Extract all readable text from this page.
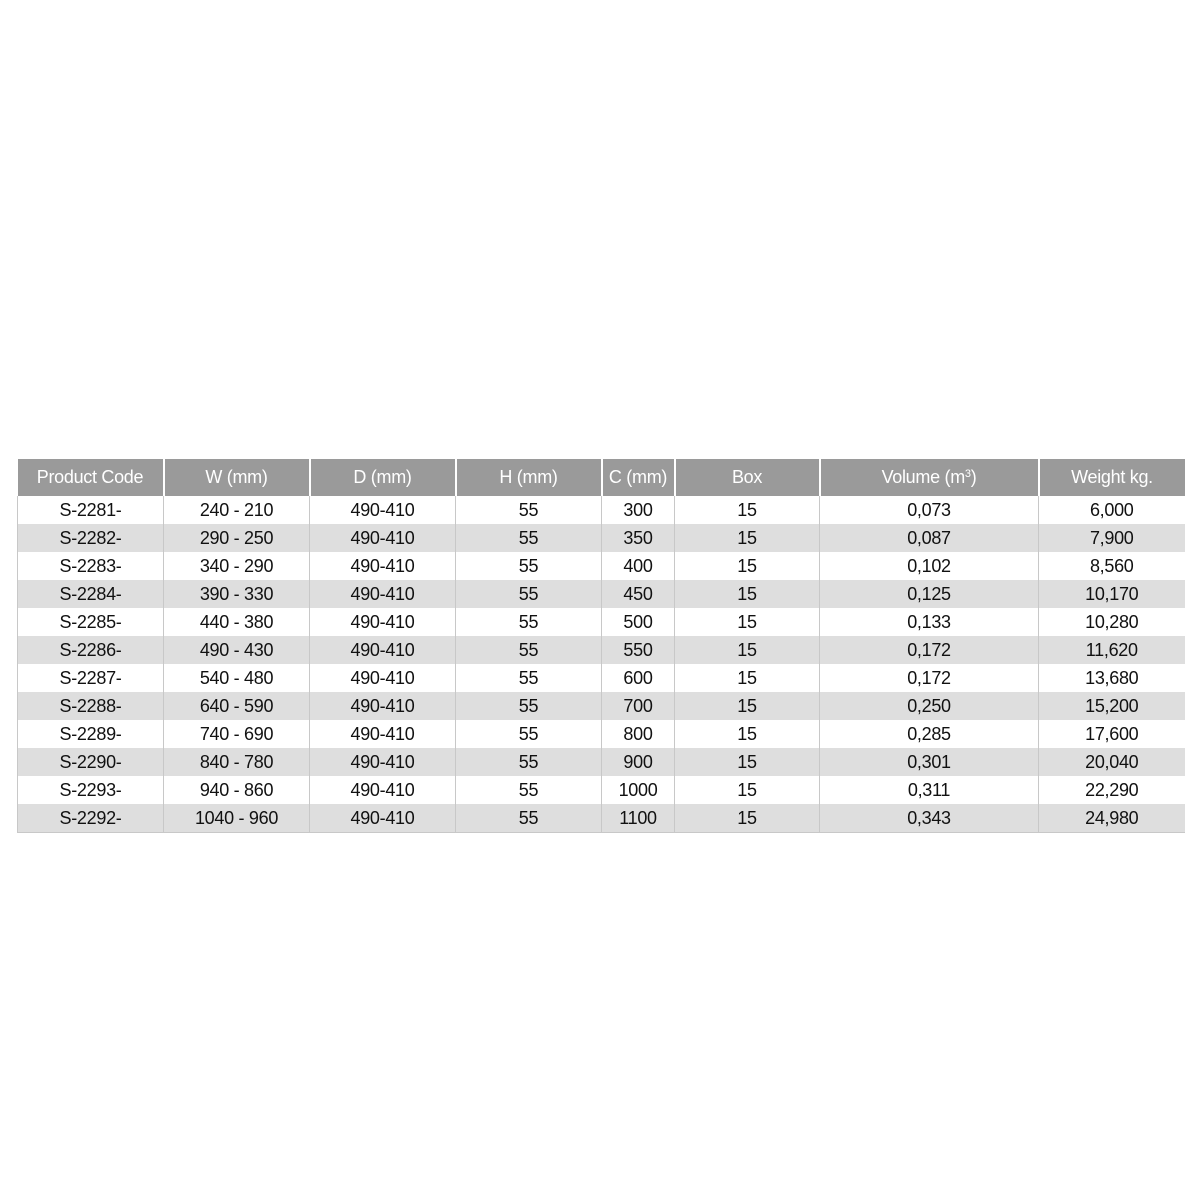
Product Code	W (mm)	D (mm)	H (mm)	C (mm)	Box	Volume $(m^3)$	Weight kg.
S-2281-	240 - 210	490-410	55	300	15	0,073	6,000
S-2282-	290 - 250	490-410	55	350	15	0,087	7,900
S-2283-	340 - 290	490-410	55	400	15	0,102	8,560
S-2284-	390 - 330	490-410	55	450	15	0,125	10,170
S-2285-	440 - 380	490-410	55	500	15	0,133	10,280
S-2286-	490 - 430	490-410	55	550	15	0,172	11,620
S-2287-	540 - 480	490-410	55	600	15	0,172	13,680
S-2288-	640 - 590	490-410	55	700	15	0,250	15,200
S-2289-	740 - 690	490-410	55	800	15	0,285	17,600
S-2290-	840 - 780	490-410	55	900	15	0,301	20,040
S-2293-	940 - 860	490-410	55	1000	15	0,311	22,290
S-2292-	1040 - 960	490-410	55	1100	15	0,343	24,980
